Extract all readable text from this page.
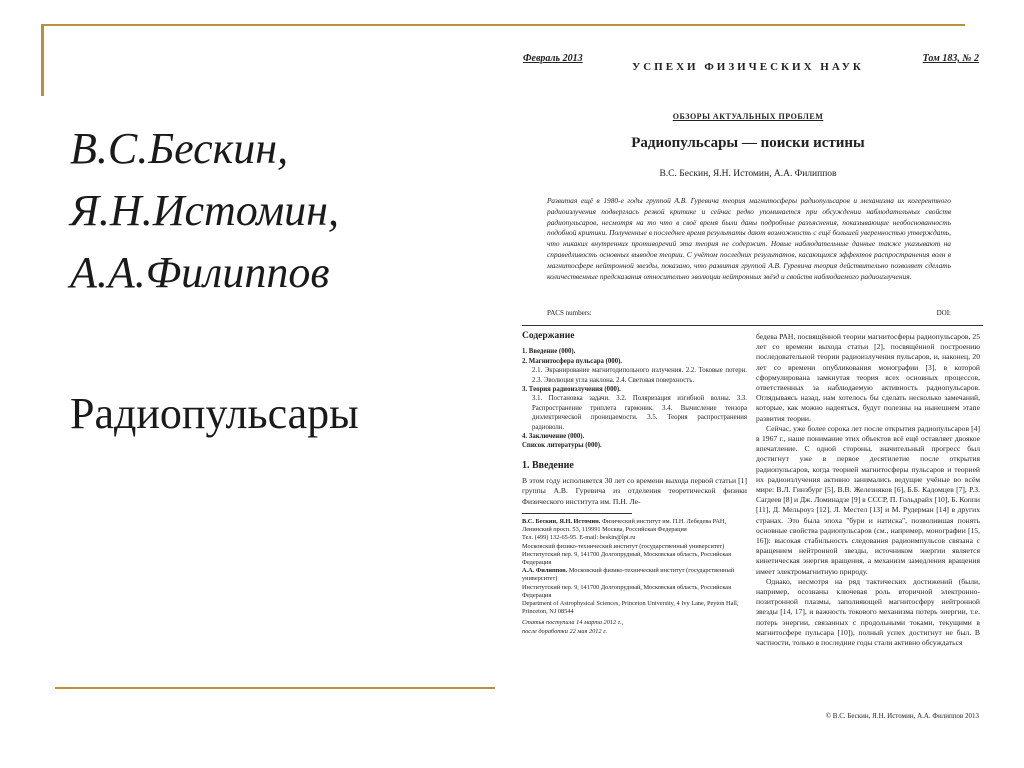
В.С.Бескин,
Я.Н.Истомин,
А.А.Филиппов
Радиопульсары
Февраль 2013
УСПЕХИ ФИЗИЧЕСКИХ НАУК
Том 183, № 2
ОБЗОРЫ АКТУАЛЬНЫХ ПРОБЛЕМ
Радиопульсары — поиски истины
В.С. Бескин, Я.Н. Истомин, А.А. Филиппов

Развитая ещё в 1980-е годы группой А.В. Гуревича теория магнитосферы радиопульсаров и механизма их когерентного радиоизлучения подверглась резкой критике и сейчас редко упоминается при обсуждении наблюдательных свойств радиопульсаров, несмотря на то что в своё время были даны подробные разъяснения, показывающие необоснованность подобной критики. Полученные в последнее время результаты дают возможность с ещё большей уверенностью утверждать, что никаких внутренних противоречий эта теория не содержит. Новые наблюдательные данные также указывают на справедливость основных выводов теории. С учётом последних результатов, касающихся эффектов распространения волн в магнитосфере нейтронной звезды, показано, что развитая группой А.В. Гуревича теория действительно позволяет сделать количественные предсказания относительно эволюции нейтронных звёзд и свойств наблюдаемого радиоизлучения.

PACS numbers:	DOI:
Содержание
1. Введение (000).
2. Магнитосфера пульсара (000).
2.1. Экранирование магнитодипольного излучения. 2.2. Токовые потери. 2.3. Эволюция угла наклона. 2.4. Световая поверхность.
3. Теория радиоизлучения (000).
3.1. Постановка задачи. 3.2. Поляризация изгибной волны. 3.3. Распространение триплета гармоник. 3.4. Вычисление тензора диэлектрической проницаемости. 3.5. Теория распространения радиоволн.
4. Заключение (000).
Список литературы (000).
1. Введение

В этом году исполняется 30 лет со времени выхода первой статьи [1] группы А.В. Гуревича из отделения теоретической физики Физического института им. П.Н. Ле-

В.С. Бескин, Я.Н. Истомин. Физический институт им. П.Н. Лебедева РАН,
Ленинский просп. 53, 119991 Москва, Российская Федерация
Тел. (499) 132-65-95. E-mail: beskin@lpi.ru
Московский физико-технический институт (государственный университет)
Институтский пер. 9, 141700 Долгопрудный, Московская область, Российская Федерация
А.А. Филиппов. Московский физико-технический институт (государственный университет)
Институтский пер. 9, 141700 Долгопрудный, Московская область, Российская Федерация
Department of Astrophysical Sciences, Princeton University, 4 Ivy Lane, Peyton Hall, Princeton, NJ 08544
Статья поступила 14 марта 2012 г.,
после доработки 22 мая 2012 г.

бедева РАН, посвящённой теории магнитосферы радиопульсаров, 25 лет со времени выхода статьи [2], посвящённой построению последовательной теории радиоизлучения пульсаров, и, наконец, 20 лет со времени опубликования монографии [3], в которой сформулирована замкнутая теория всех основных процессов, ответственных за наблюдаемую активность радиопульсаров. Оглядываясь назад, нам хотелось бы сделать несколько замечаний, которые, как можно надеяться, будут полезны на нынешнем этапе развития теории.

Сейчас, уже более сорока лет после открытия радиопульсаров [4] в 1967 г., наше понимание этих объектов всё ещё оставляет двоякое впечатление. С одной стороны, значительный прогресс был достигнут уже в первое десятилетие после открытия радиопульсаров, когда теорией магнитосферы пульсаров и теорией их радиоизлучения активно занимались ведущие учёные во всём мире: В.Л. Гинзбург [5], В.В. Железняков [6], Б.Б. Кадомцев [7], Р.З. Сагдеев [8] и Дж. Ломинадзе [9] в СССР, П. Гольдрайх [10], Б. Коппи [11], Д. Мельроуз [12], Л. Местел [13] и М. Рудерман [14] в других странах. Это была эпоха "бури и натиска", позволившая понять основные свойства радиопульсаров (см., например, монографии [15, 16]): высокая стабильность следования радиоимпульсов связана с вращением нейтронной звезды, источником энергии является кинетическая энергия вращения, а механизм замедления вращения имеет электромагнитную природу.

Однако, несмотря на ряд тактических достижений (были, например, осознаны ключевая роль вторичной электронно-позитронной плазмы, заполняющей магнитосферу нейтронной звезды [14, 17], и важность токового механизма потерь энергии, т.е. потерь энергии, связанных с продольными токами, текущими в магнитосфере пульсара [10]), полный успех достигнут не был. В частности, только в последние годы стали активно обсуждаться

© В.С. Бескин, Я.Н. Истомин, А.А. Филиппов 2013
